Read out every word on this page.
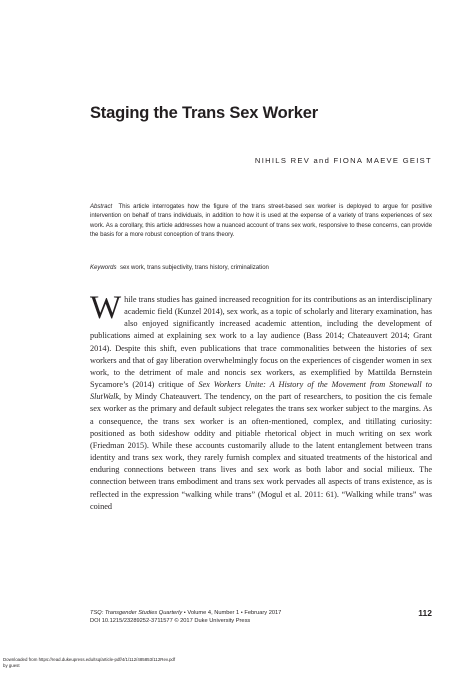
Staging the Trans Sex Worker
NIHILS REV and FIONA MAEVE GEIST

Abstract This article interrogates how the figure of the trans street-based sex worker is deployed to argue for positive intervention on behalf of trans individuals, in addition to how it is used at the expense of a variety of trans experiences of sex work. As a corollary, this article addresses how a nuanced account of trans sex work, responsive to these concerns, can provide the basis for a more robust conception of trans theory.

Keywords sex work, trans subjectivity, trans history, criminalization

W hile trans studies has gained increased recognition for its contributions as an interdisciplinary academic field (Kunzel 2014), sex work, as a topic of scholarly and literary examination, has also enjoyed significantly increased academic attention, including the development of publications aimed at explaining sex work to a lay audience (Bass 2014; Chateauvert 2014; Grant 2014). Despite this shift, even publications that trace commonalities between the histories of sex workers and that of gay liberation overwhelmingly focus on the experiences of cisgender women in sex work, to the detriment of male and noncis sex workers, as exemplified by Mattilda Bernstein Sycamore’s (2014) critique of Sex Workers Unite: A History of the Movement from Stonewall to SlutWalk, by Mindy Chateauvert. The tendency, on the part of researchers, to position the cis female sex worker as the primary and default subject relegates the trans sex worker subject to the margins. As a consequence, the trans sex worker is an often-mentioned, complex, and titillating curiosity: positioned as both sideshow oddity and pitiable rhetorical object in much writing on sex work (Friedman 2015). While these accounts customarily allude to the latent entanglement between trans identity and trans sex work, they rarely furnish complex and situated treatments of the historical and enduring connections between trans lives and sex work as both labor and social milieux. The connection between trans embodiment and trans sex work pervades all aspects of trans existence, as is reflected in the expression “walking while trans” (Mogul et al. 2011: 61). “Walking while trans” was coined

TSQ: Transgender Studies Quarterly • Volume 4, Number 1 • February 2017	112
DOI 10.1215/23289252-3711577 © 2017 Duke University Press
Downloaded from https://read.dukeupress.edu/tsq/article-pdf/4/1/112/485853/112Rev.pdf
by guest
